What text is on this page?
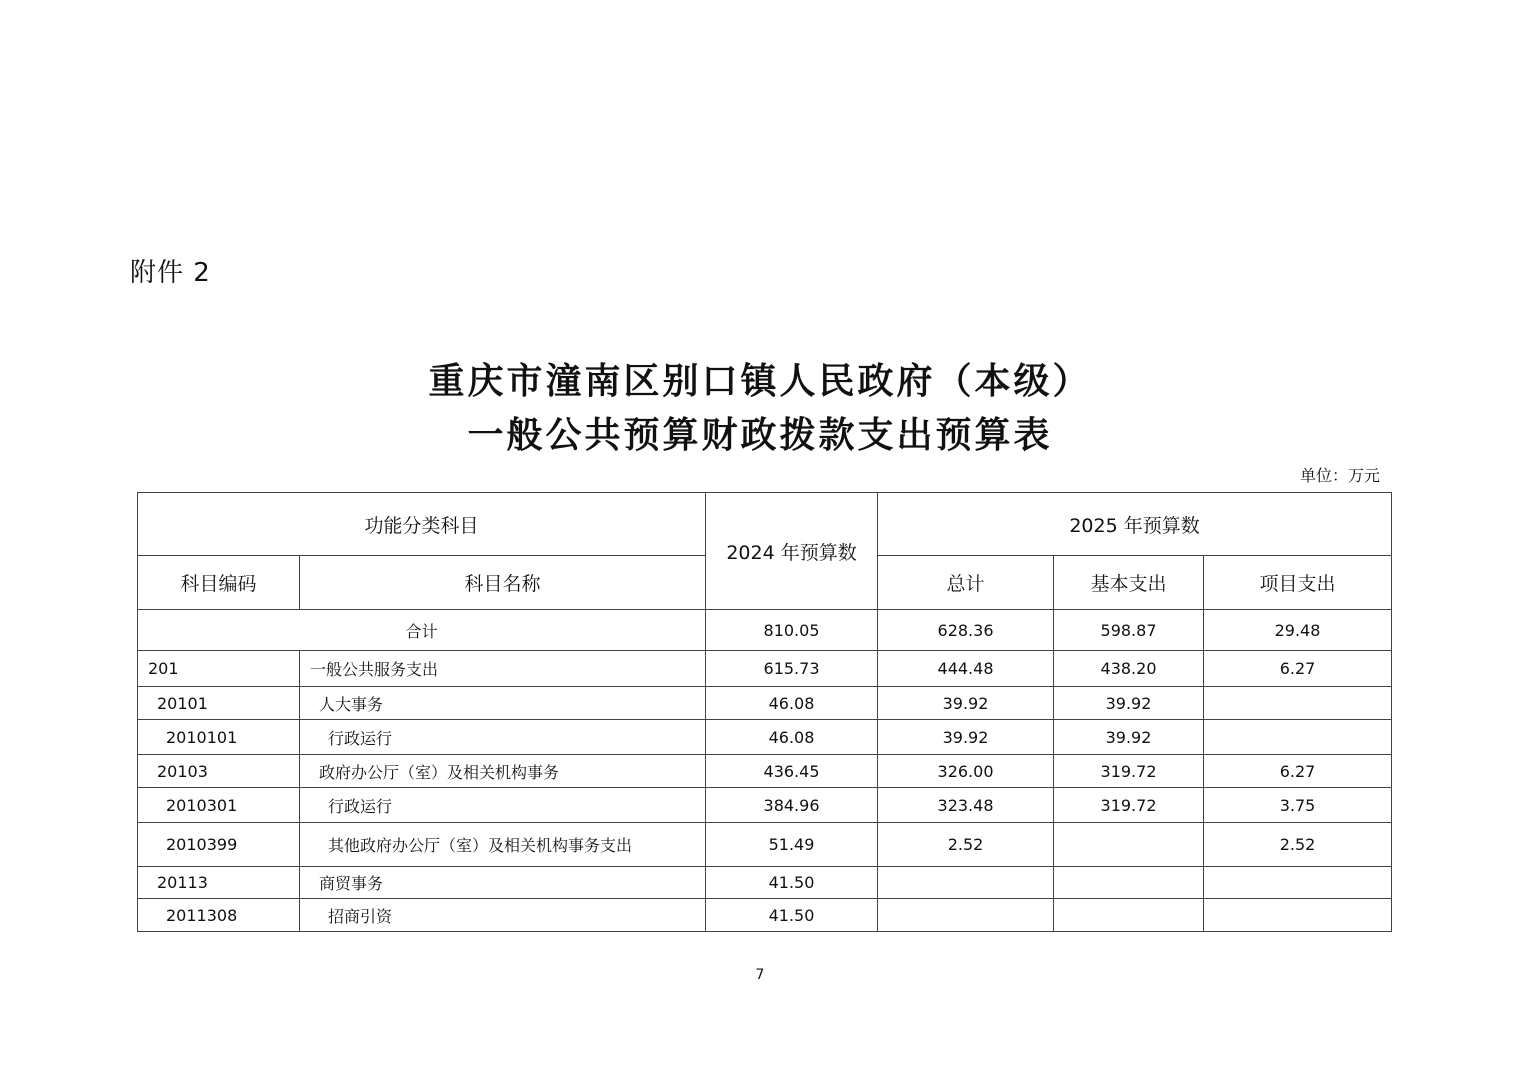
附件 2
重庆市潼南区别口镇人民政府（本级）
一般公共预算财政拨款支出预算表
单位：万元
功能分类科目		2024 年预算数	2025 年预算数		
科目编码	科目名称		总计	基本支出	项目支出
合计		810.05	628.36	598.87	29.48
201	一般公共服务支出	615.73	444.48	438.20	6.27
20101	人大事务	46.08	39.92	39.92	
2010101	行政运行	46.08	39.92	39.92	
20103	政府办公厅（室）及相关机构事务	436.45	326.00	319.72	6.27
2010301	行政运行	384.96	323.48	319.72	3.75
2010399	其他政府办公厅（室）及相关机构事务支出	51.49	2.52		2.52
20113	商贸事务	41.50			
2011308	招商引资	41.50			
7
